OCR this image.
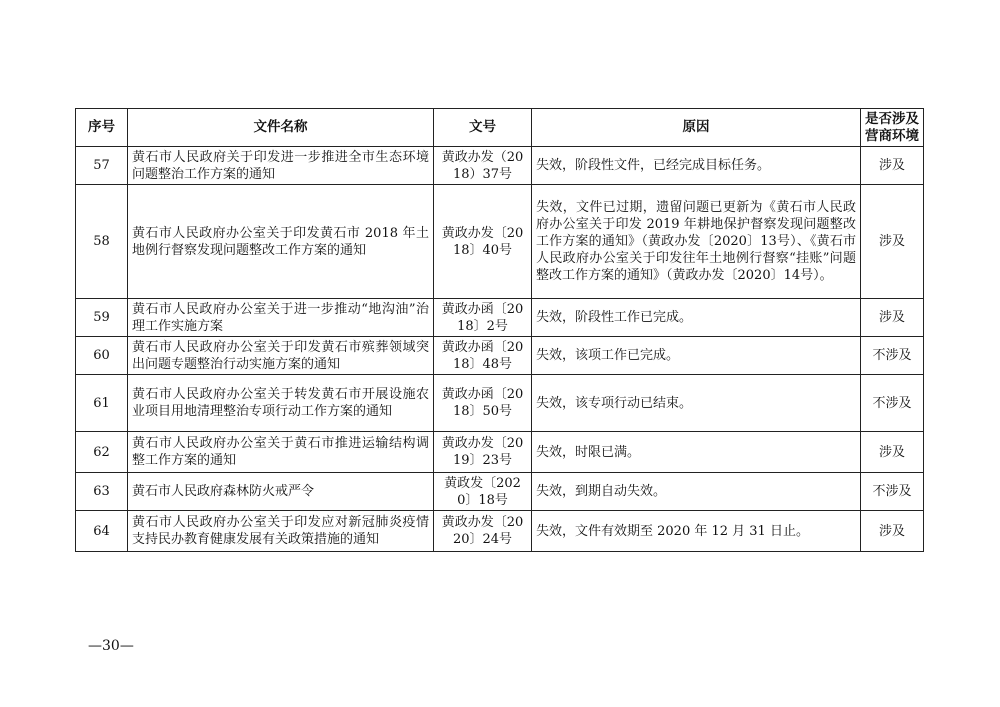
序号	文件名称	文号	原因	是否涉及营商环境
57	黄石市人民政府关于印发进一步推进全市生态环境问题整治工作方案的通知	黄政办发（2018）37号	失效，阶段性文件，已经完成目标任务。	涉及
58	黄石市人民政府办公室关于印发黄石市 2018 年土地例行督察发现问题整改工作方案的通知	黄政办发〔2018〕40号	失效，文件已过期，遗留问题已更新为《黄石市人民政府办公室关于印发 2019 年耕地保护督察发现问题整改工作方案的通知》（黄政办发〔2020〕13号）、《黄石市人民政府办公室关于印发往年土地例行督察“挂账”问题整改工作方案的通知》（黄政办发〔2020〕14号）。	涉及
59	黄石市人民政府办公室关于进一步推动“地沟油”治理工作实施方案	黄政办函〔2018〕2号	失效，阶段性工作已完成。	涉及
60	黄石市人民政府办公室关于印发黄石市殡葬领域突出问题专题整治行动实施方案的通知	黄政办函〔2018〕48号	失效，该项工作已完成。	不涉及
61	黄石市人民政府办公室关于转发黄石市开展设施农业项目用地清理整治专项行动工作方案的通知	黄政办函〔2018〕50号	失效，该专项行动已结束。	不涉及
62	黄石市人民政府办公室关于黄石市推进运输结构调整工作方案的通知	黄政办发〔2019〕23号	失效，时限已满。	涉及
63	黄石市人民政府森林防火戒严令	黄政发〔2020〕18号	失效，到期自动失效。	不涉及
64	黄石市人民政府办公室关于印发应对新冠肺炎疫情支持民办教育健康发展有关政策措施的通知	黄政办发〔2020〕24号	失效，文件有效期至 2020 年 12 月 31 日止。	涉及
—30—
